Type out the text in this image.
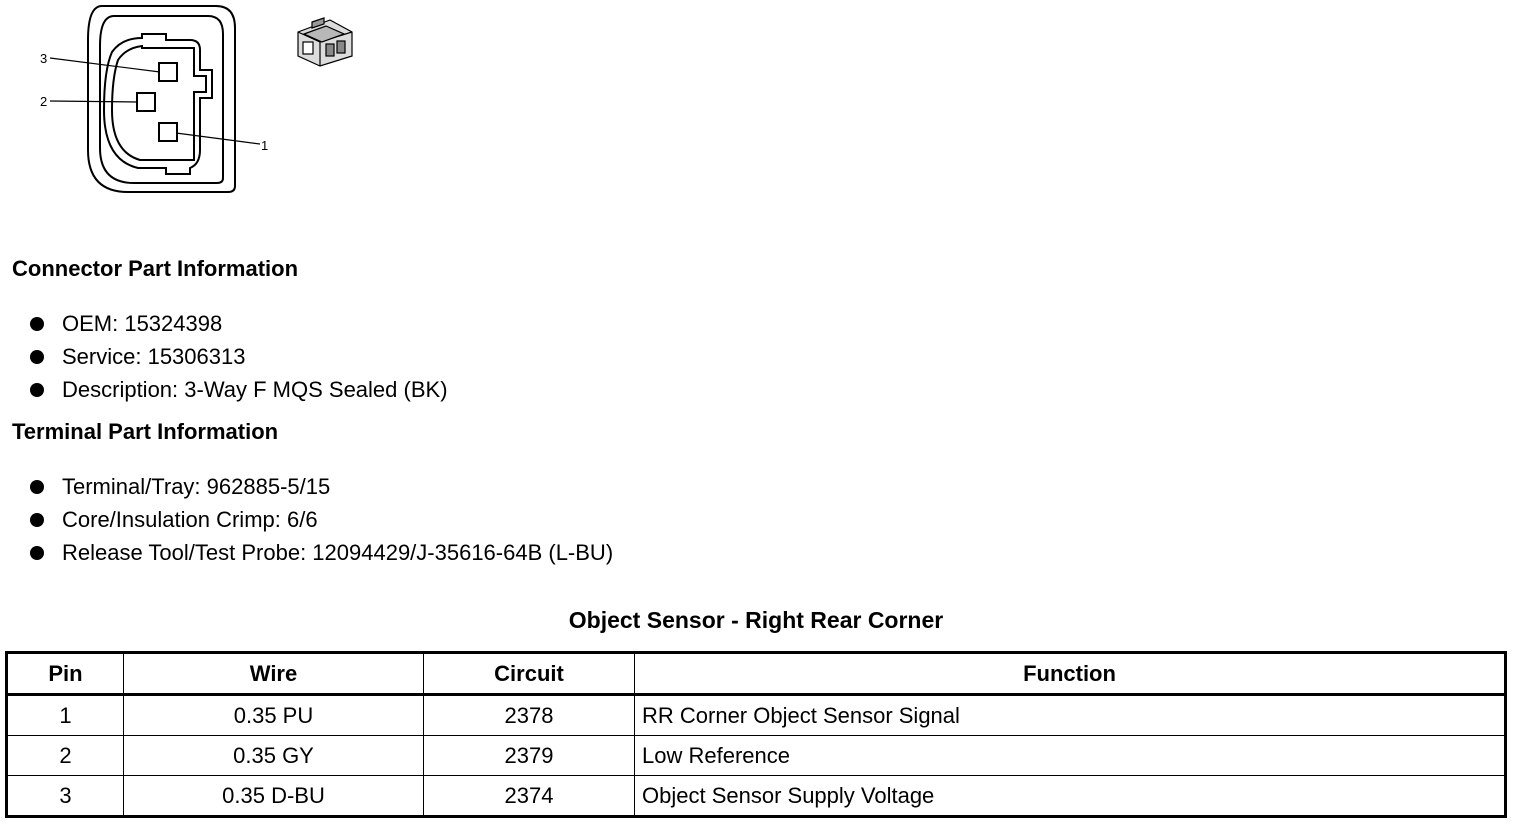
3
2
1
Connector Part Information
OEM: 15324398
Service: 15306313
Description: 3-Way F MQS Sealed (BK)
Terminal Part Information
Terminal/Tray: 962885-5/15
Core/Insulation Crimp: 6/6
Release Tool/Test Probe: 12094429/J-35616-64B (L-BU)
Object Sensor - Right Rear Corner
Pin	Wire	Circuit	Function
1	0.35 PU	2378	RR Corner Object Sensor Signal
2	0.35 GY	2379	Low Reference
3	0.35 D-BU	2374	Object Sensor Supply Voltage
